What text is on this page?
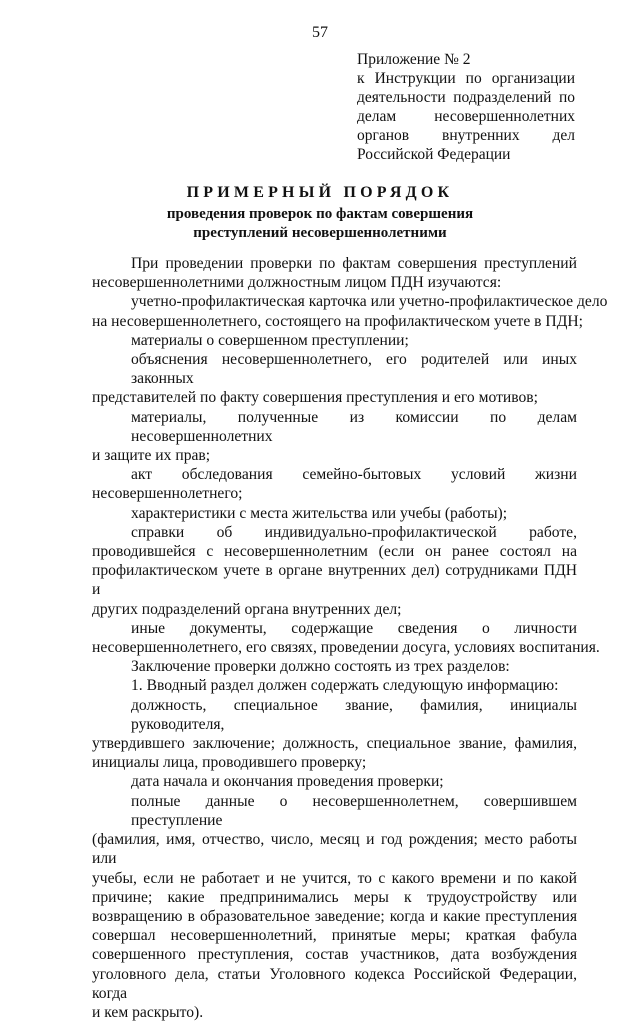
57
Приложение № 2
к Инструкции по организации
деятельности подразделений по
делам несовершеннолетних
органов внутренних дел
Российской Федерации
ПРИМЕРНЫЙ ПОРЯДОК
проведения проверок по фактам совершения
преступлений несовершеннолетними
При проведении проверки по фактам совершения преступлений
несовершеннолетними должностным лицом ПДН изучаются:
учетно-профилактическая карточка или учетно-профилактическое дело
на несовершеннолетнего, состоящего на профилактическом учете в ПДН;
материалы о совершенном преступлении;
объяснения несовершеннолетнего, его родителей или иных законных
представителей по факту совершения преступления и его мотивов;
материалы, полученные из комиссии по делам несовершеннолетних
и защите их прав;
акт обследования семейно-бытовых условий жизни
несовершеннолетнего;
характеристики с места жительства или учебы (работы);
справки об индивидуально-профилактической работе,
проводившейся с несовершеннолетним (если он ранее состоял на
профилактическом учете в органе внутренних дел) сотрудниками ПДН и
других подразделений органа внутренних дел;
иные документы, содержащие сведения о личности
несовершеннолетнего, его связях, проведении досуга, условиях воспитания.
Заключение проверки должно состоять из трех разделов:
1. Вводный раздел должен содержать следующую информацию:
должность, специальное звание, фамилия, инициалы руководителя,
утвердившего заключение; должность, специальное звание, фамилия,
инициалы лица, проводившего проверку;
дата начала и окончания проведения проверки;
полные данные о несовершеннолетнем, совершившем преступление
(фамилия, имя, отчество, число, месяц и год рождения; место работы или
учебы, если не работает и не учится, то с какого времени и по какой
причине; какие предпринимались меры к трудоустройству или
возвращению в образовательное заведение; когда и какие преступления
совершал несовершеннолетний, принятые меры; краткая фабула
совершенного преступления, состав участников, дата возбуждения
уголовного дела, статьи Уголовного кодекса Российской Федерации, когда
и кем раскрыто).
